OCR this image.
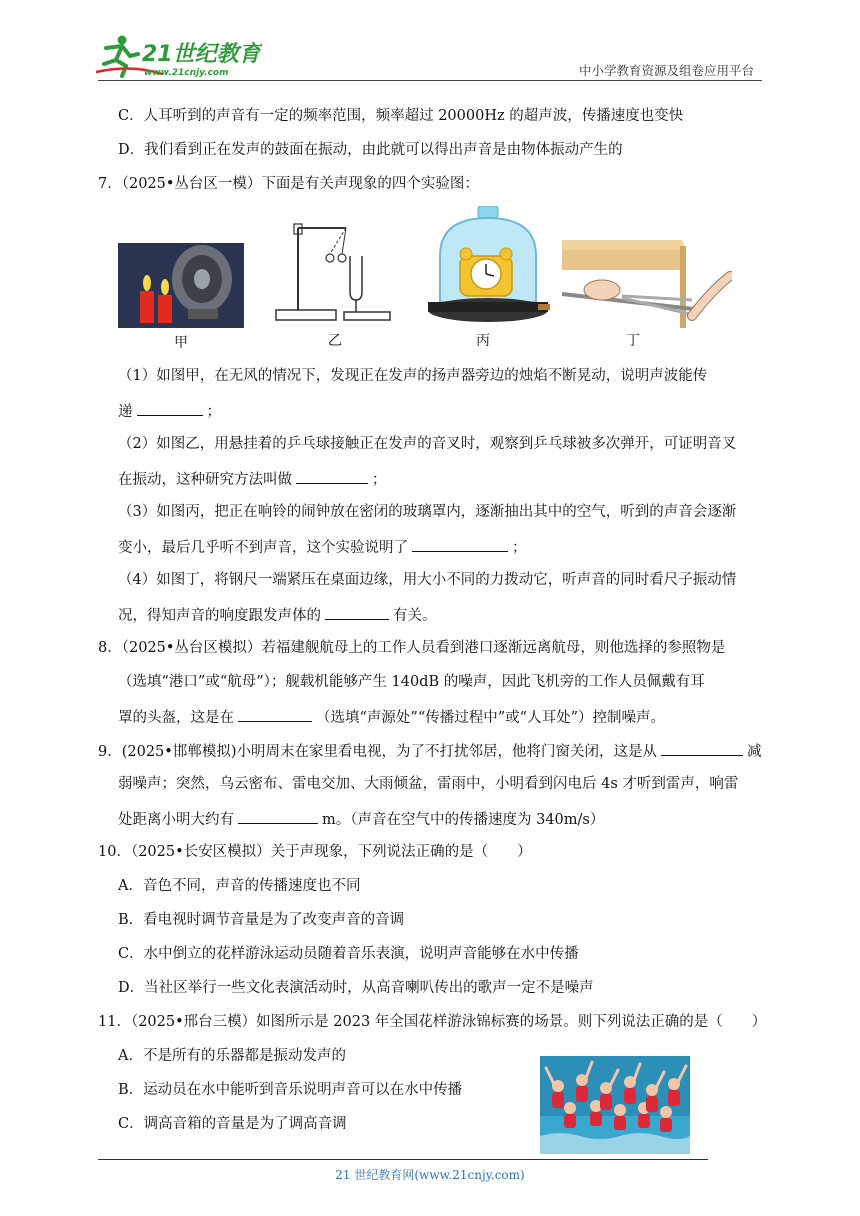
21世纪教育
www.21cnjy.com	中小学教育资源及组卷应用平台
C．人耳听到的声音有一定的频率范围，频率超过 20000Hz 的超声波，传播速度也变快
D．我们看到正在发声的鼓面在振动，由此就可以得出声音是由物体振动产生的
7．（2025•丛台区一模）下面是有关声现象的四个实验图：
甲	乙	丙	丁
（1）如图甲，在无风的情况下，发现正在发声的扬声器旁边的烛焰不断晃动，说明声波能传
递	；
（2）如图乙，用悬挂着的乒乓球接触正在发声的音叉时，观察到乒乓球被多次弹开，可证明音叉
在振动，这种研究方法叫做	；
（3）如图丙，把正在响铃的闹钟放在密闭的玻璃罩内，逐渐抽出其中的空气，听到的声音会逐渐
变小，最后几乎听不到声音，这个实验说明了	；
（4）如图丁，将钢尺一端紧压在桌面边缘，用大小不同的力拨动它，听声音的同时看尺子振动情
况，得知声音的响度跟发声体的	有关。
8．（2025•丛台区模拟）若福建舰航母上的工作人员看到港口逐渐远离航母，则他选择的参照物是
（选填“港口”或“航母”）；舰载机能够产生 140dB 的噪声，因此飞机旁的工作人员佩戴有耳
罩的头盔，这是在	（选填“声源处”“传播过程中”或“人耳处”）控制噪声。
9．(2025•邯郸模拟)小明周末在家里看电视，为了不打扰邻居，他将门窗关闭，这是从	减
弱噪声；突然，乌云密布、雷电交加、大雨倾盆，雷雨中，小明看到闪电后 4s 才听到雷声，响雷
处距离小明大约有	m。（声音在空气中的传播速度为 340m/s）
10．（2025•长安区模拟）关于声现象，下列说法正确的是（　　）
A．音色不同，声音的传播速度也不同
B．看电视时调节音量是为了改变声音的音调
C．水中倒立的花样游泳运动员随着音乐表演，说明声音能够在水中传播
D．当社区举行一些文化表演活动时，从高音喇叭传出的歌声一定不是噪声
11．（2025•邢台三模）如图所示是 2023 年全国花样游泳锦标赛的场景。则下列说法正确的是（　　）
A．不是所有的乐器都是振动发声的
B．运动员在水中能听到音乐说明声音可以在水中传播
C．调高音箱的音量是为了调高音调
21 世纪教育网(www.21cnjy.com)
